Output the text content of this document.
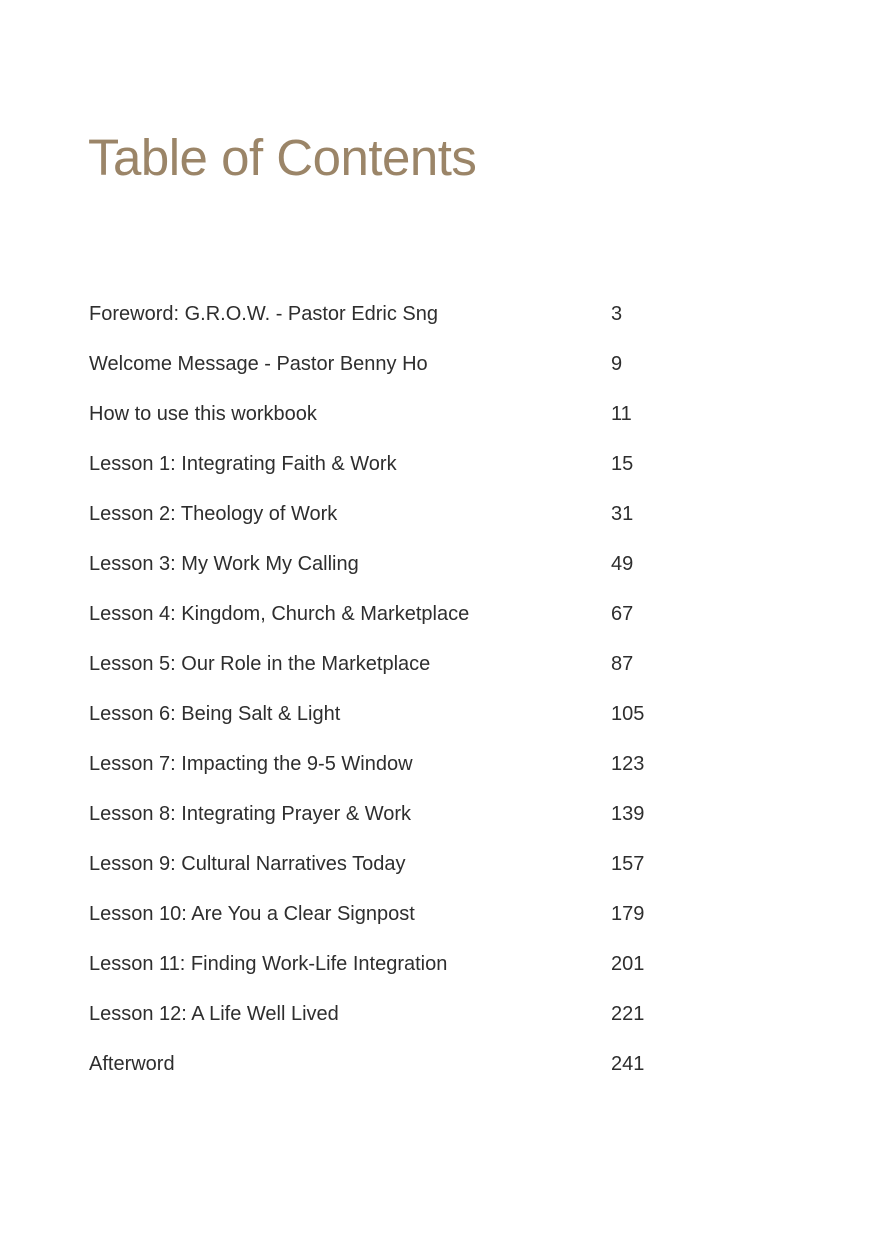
Table of Contents
Foreword: G.R.O.W. - Pastor Edric Sng	3
Welcome Message - Pastor Benny Ho	9
How to use this workbook	11
Lesson 1: Integrating Faith & Work	15
Lesson 2: Theology of Work	31
Lesson 3: My Work My Calling	49
Lesson 4: Kingdom, Church & Marketplace	67
Lesson 5: Our Role in the Marketplace	87
Lesson 6: Being Salt & Light	105
Lesson 7: Impacting the 9-5 Window	123
Lesson 8: Integrating Prayer & Work	139
Lesson 9: Cultural Narratives Today	157
Lesson 10: Are You a Clear Signpost	179
Lesson 11: Finding Work-Life Integration	201
Lesson 12: A Life Well Lived	221
Afterword	241
